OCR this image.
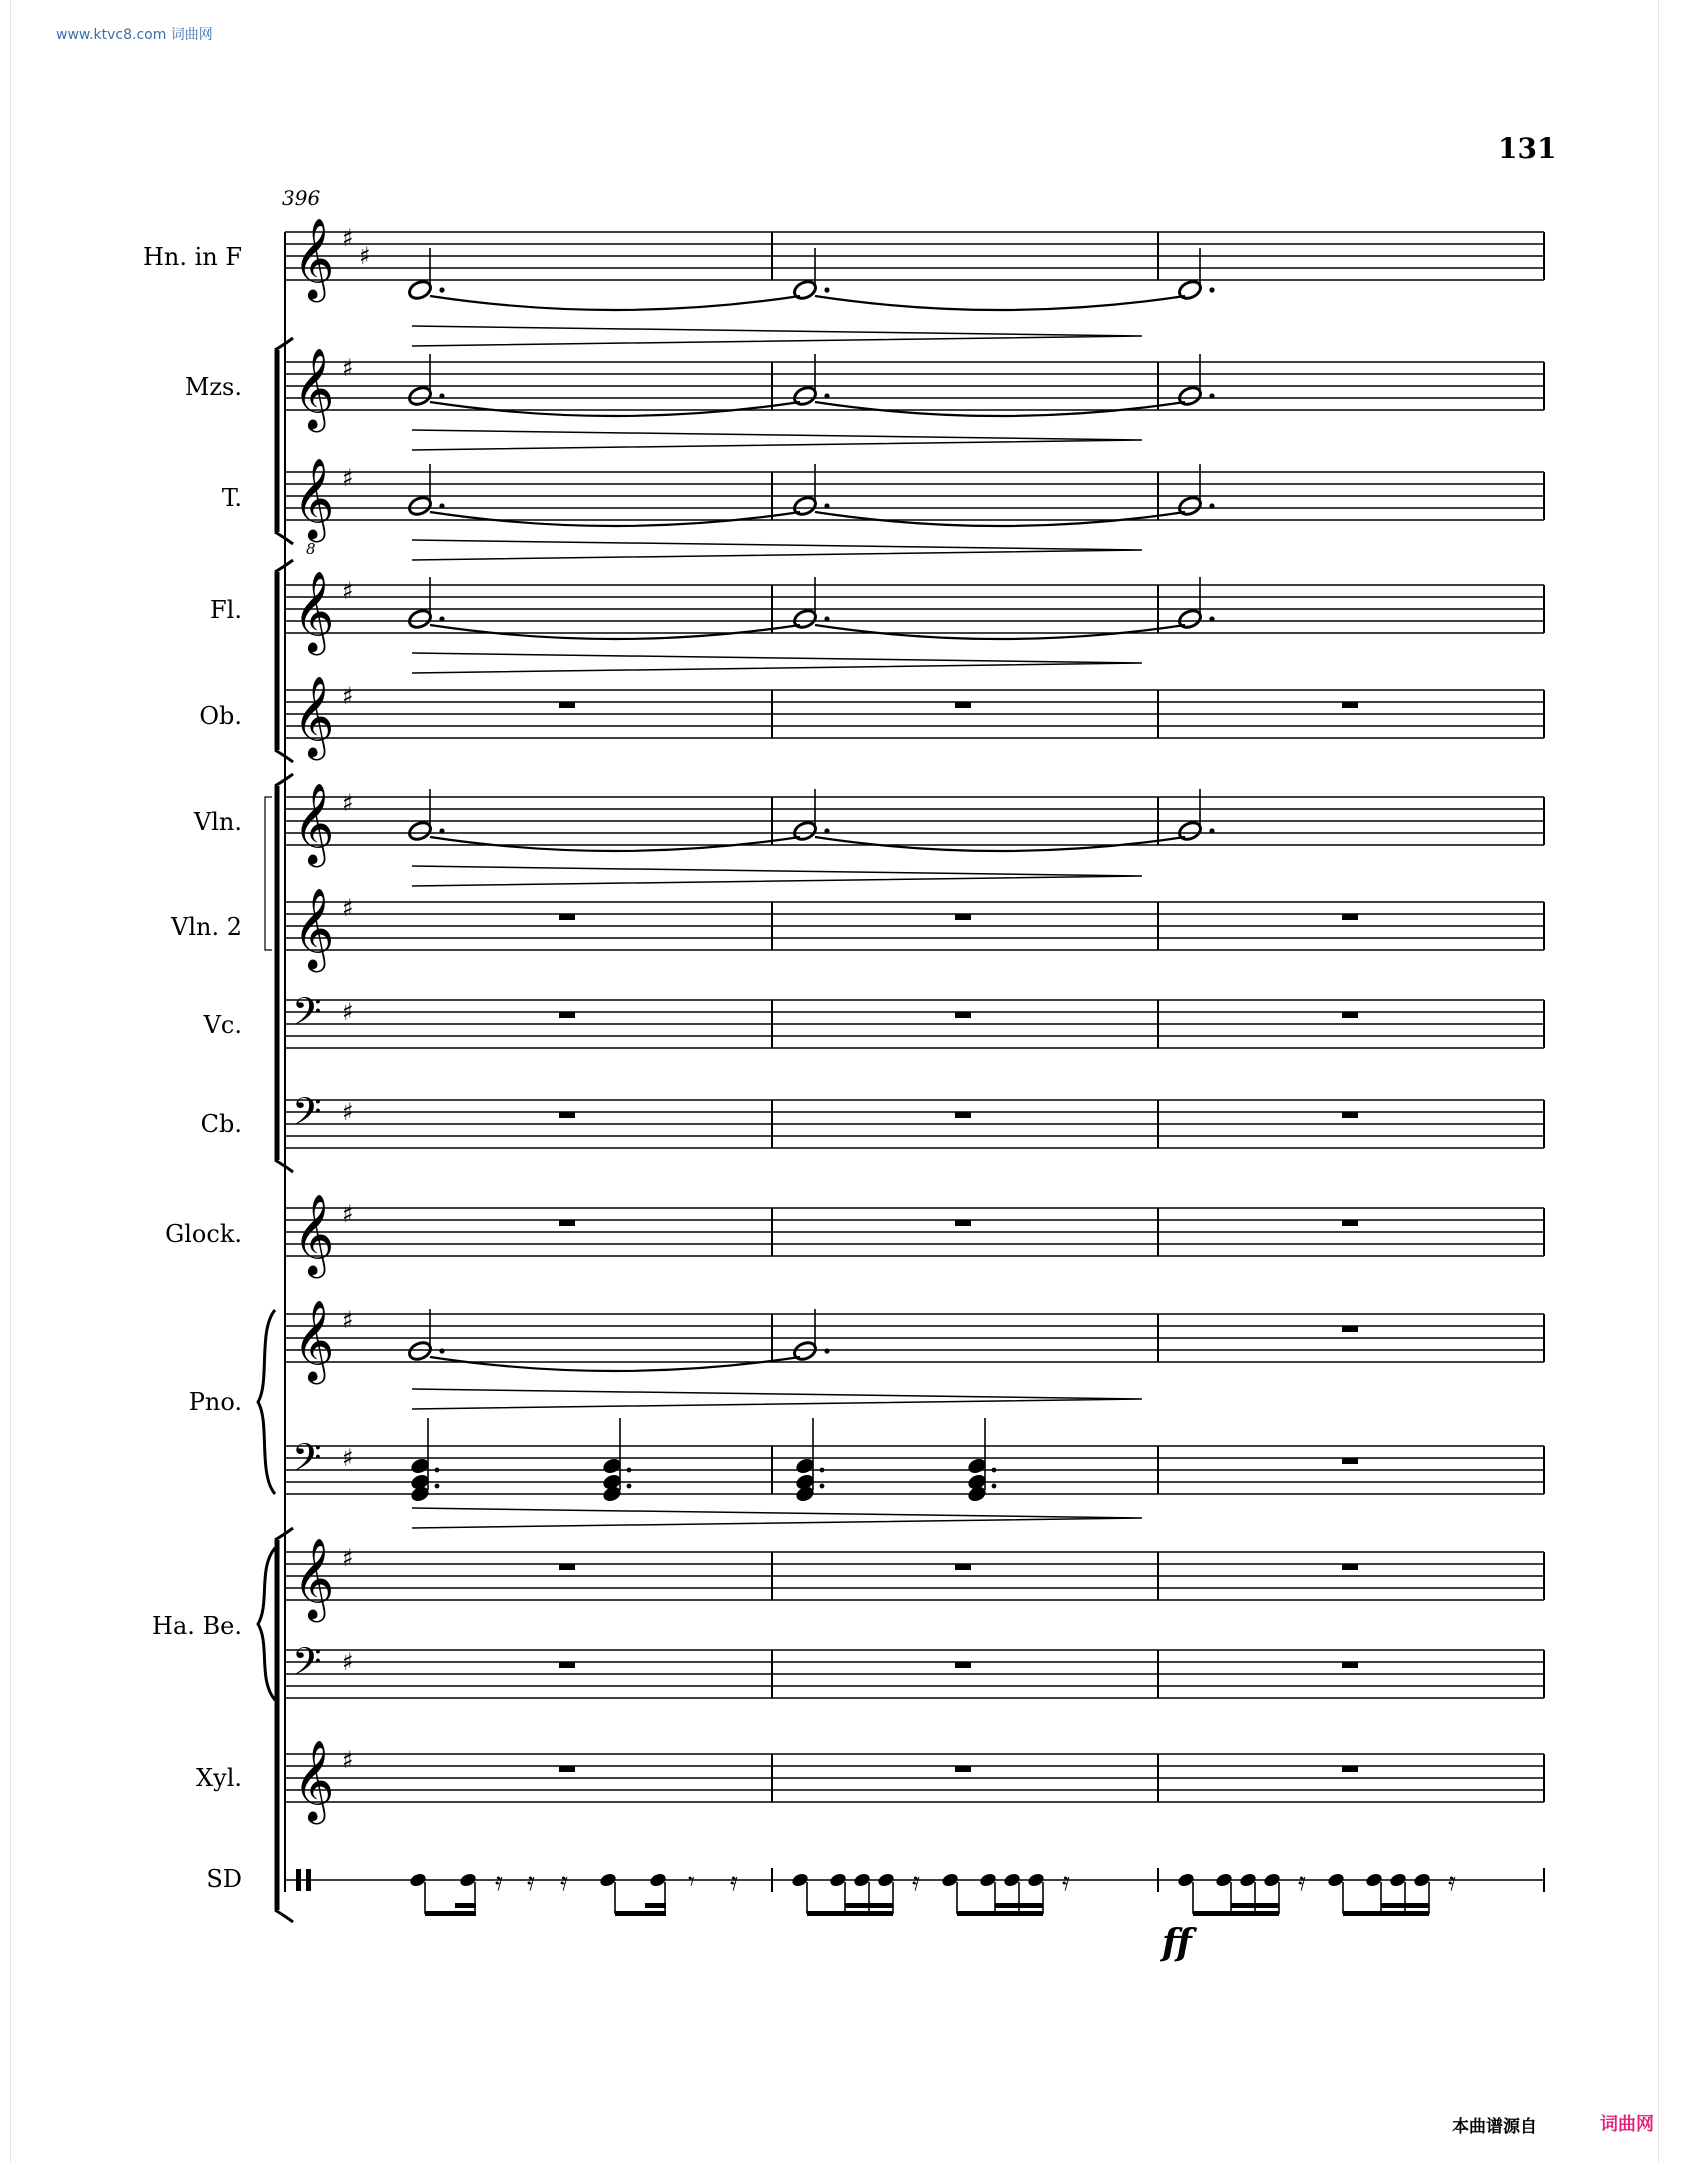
www.ktvc8.com 词曲网
131
396
Hn. in F
Mzs.
T.
Fl.
Ob.
Vln.
Vln. 2
Vc.
Cb.
Glock.
Pno.
Ha. Be.
Xyl.
SD
ff
本曲谱源自	词曲网
𝄞 ♯
♯
𝄞 ♯
𝄞
8
♯
𝄞 ♯
𝄞 ♯
𝄞 ♯
𝄞 ♯
𝄢 ♯
𝄢 ♯
𝄞 ♯
𝄞 ♯
𝄢 ♯
𝄞 ♯
𝄢 ♯
𝄞 ♯
𝄿 𝄿 𝄿	𝄾 𝄿	𝄿	𝄿	𝄿	𝄿
